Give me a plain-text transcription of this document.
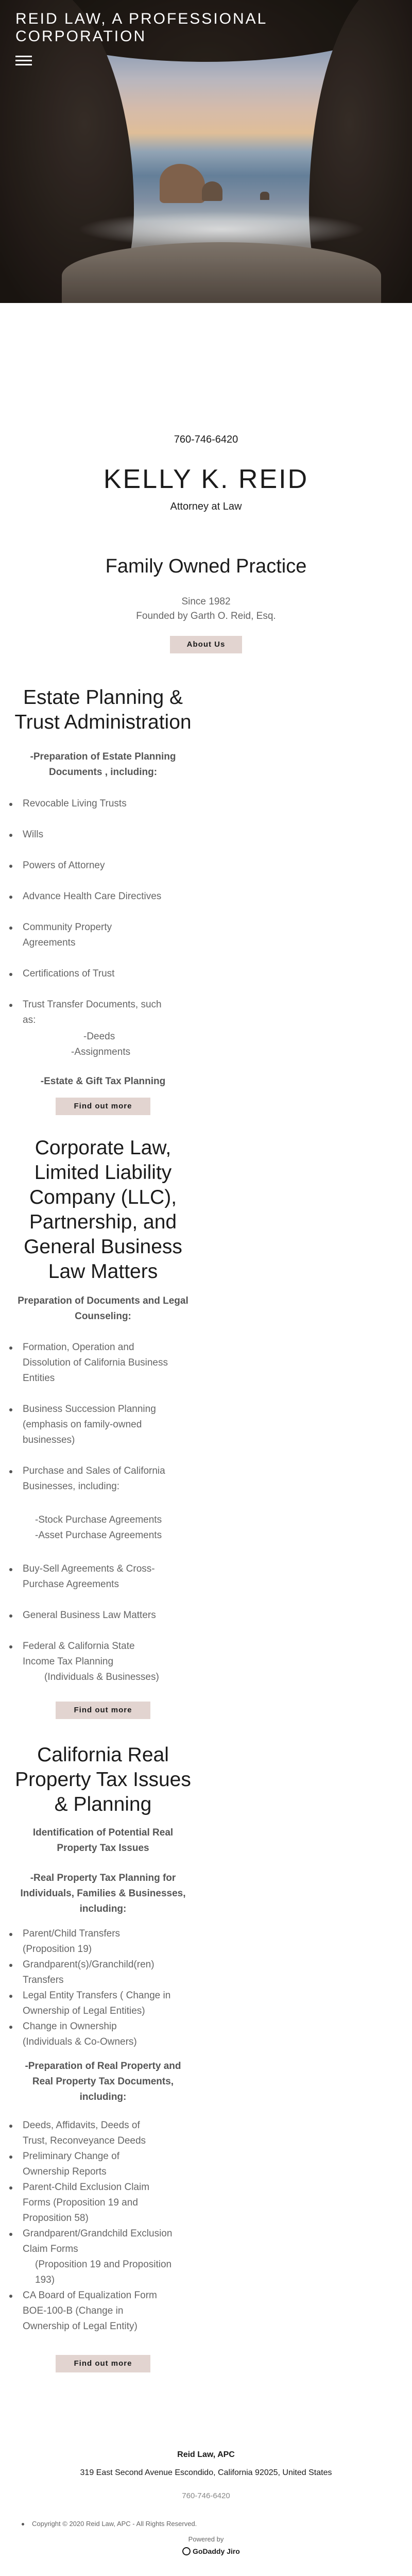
REID LAW, A PROFESSIONAL CORPORATION
760-746-6420
KELLY K. REID
Attorney at Law
Family Owned Practice
Since 1982
Founded by Garth O. Reid, Esq.
About Us
Estate Planning &
Trust Administration
-Preparation of Estate Planning
Documents , including:
Revocable Living Trusts
Wills
Powers of Attorney
Advance Health Care Directives
Community Property Agreements
Certifications of Trust
Trust Transfer Documents, such as:
-Deeds
-Assignments
-Estate & Gift Tax Planning
Find out more
Corporate Law,
Limited Liability
Company (LLC),
Partnership, and
General Business
Law Matters
Preparation of Documents and Legal
Counseling:
Formation, Operation and Dissolution of California Business Entities
Business Succession Planning (emphasis on family-owned businesses)
Purchase and Sales of California Businesses, including:
-Stock Purchase Agreements
-Asset Purchase Agreements
Buy-Sell Agreements & Cross-Purchase Agreements
General Business Law Matters
Federal & California State Income Tax Planning
(Individuals & Businesses)
Find out more
California Real
Property Tax Issues
& Planning
Identification of Potential Real
Property Tax Issues
-Real Property Tax Planning for
Individuals, Families & Businesses,
including:
Parent/Child Transfers (Proposition 19)
Grandparent(s)/Granchild(ren) Transfers
Legal Entity Transfers ( Change in Ownership of Legal Entities)
Change in Ownership (Individuals & Co-Owners)
-Preparation of Real Property and
Real Property Tax Documents,
including:
Deeds, Affidavits, Deeds of Trust, Reconveyance Deeds
Preliminary Change of Ownership Reports
Parent-Child Exclusion Claim Forms (Proposition 19 and Proposition 58)
Grandparent/Grandchild Exclusion Claim Forms
(Proposition 19 and Proposition 193)
CA Board of Equalization Form BOE-100-B (Change in Ownership of Legal Entity)
Find out more
Reid Law, APC
319 East Second Avenue Escondido, California 92025, United States
760-746-6420
Copyright © 2020 Reid Law, APC - All Rights Reserved.
Powered by
GoDaddy Jiro
